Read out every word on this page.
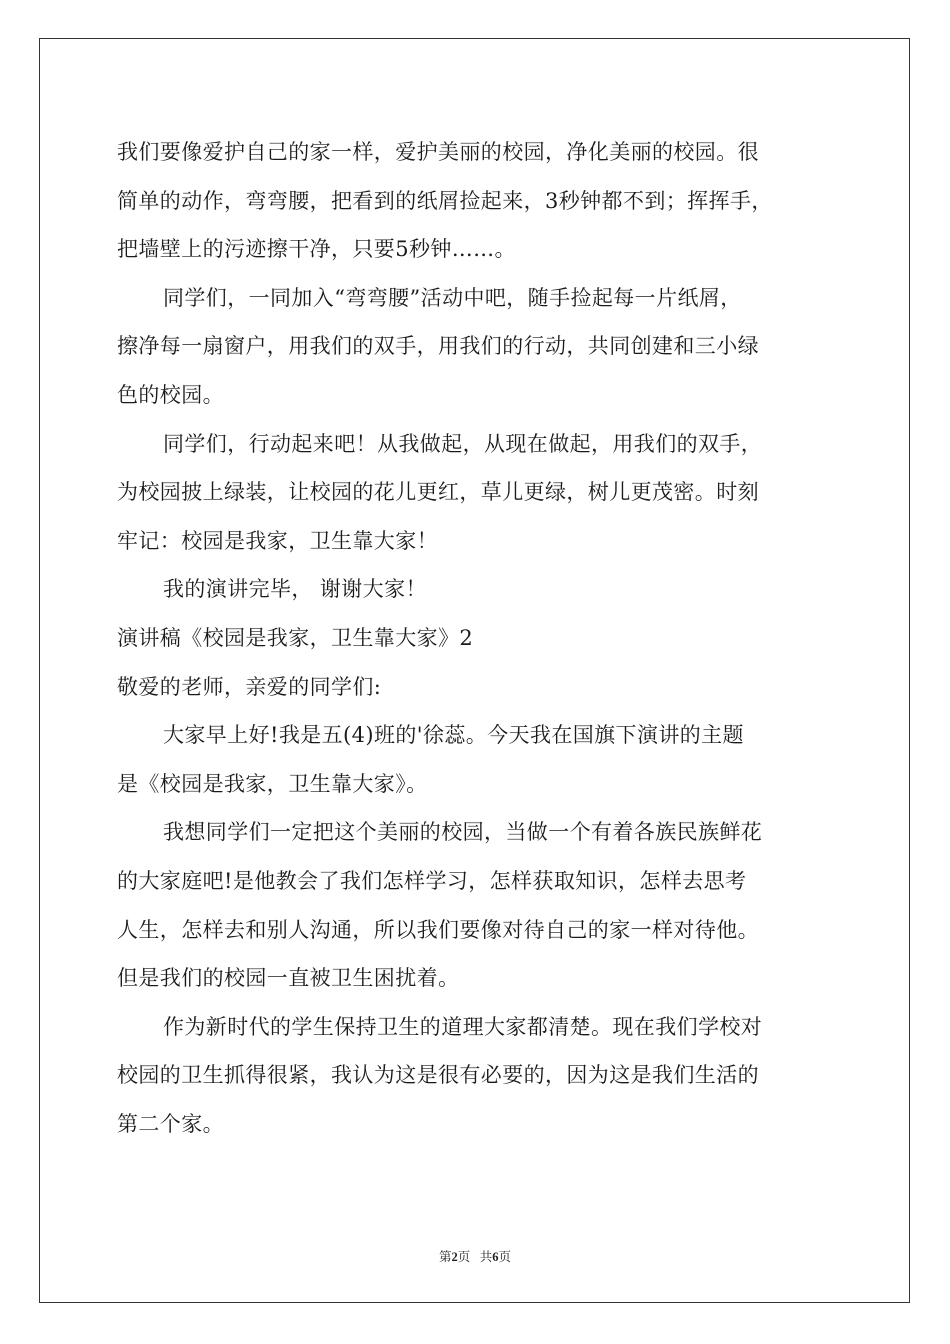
我们要像爱护自己的家一样，爱护美丽的校园，净化美丽的校园。很
简单的动作，弯弯腰，把看到的纸屑捡起来，3秒钟都不到；挥挥手，
把墙壁上的污迹擦干净，只要5秒钟……。
同学们，一同加入“弯弯腰”活动中吧，随手捡起每一片纸屑，
擦净每一扇窗户，用我们的双手，用我们的行动，共同创建和三小绿
色的校园。
同学们，行动起来吧！从我做起，从现在做起，用我们的双手，
为校园披上绿装，让校园的花儿更红，草儿更绿，树儿更茂密。时刻
牢记：校园是我家，卫生靠大家！
我的演讲完毕， 谢谢大家！
演讲稿《校园是我家，卫生靠大家》2
敬爱的老师，亲爱的同学们:
大家早上好!我是五(4)班的'徐蕊。今天我在国旗下演讲的主题
是《校园是我家，卫生靠大家》。
我想同学们一定把这个美丽的校园，当做一个有着各族民族鲜花
的大家庭吧!是他教会了我们怎样学习，怎样获取知识，怎样去思考
人生，怎样去和别人沟通，所以我们要像对待自己的家一样对待他。
但是我们的校园一直被卫生困扰着。
作为新时代的学生保持卫生的道理大家都清楚。现在我们学校对
校园的卫生抓得很紧，我认为这是很有必要的，因为这是我们生活的
第二个家。
第2页 共6页
